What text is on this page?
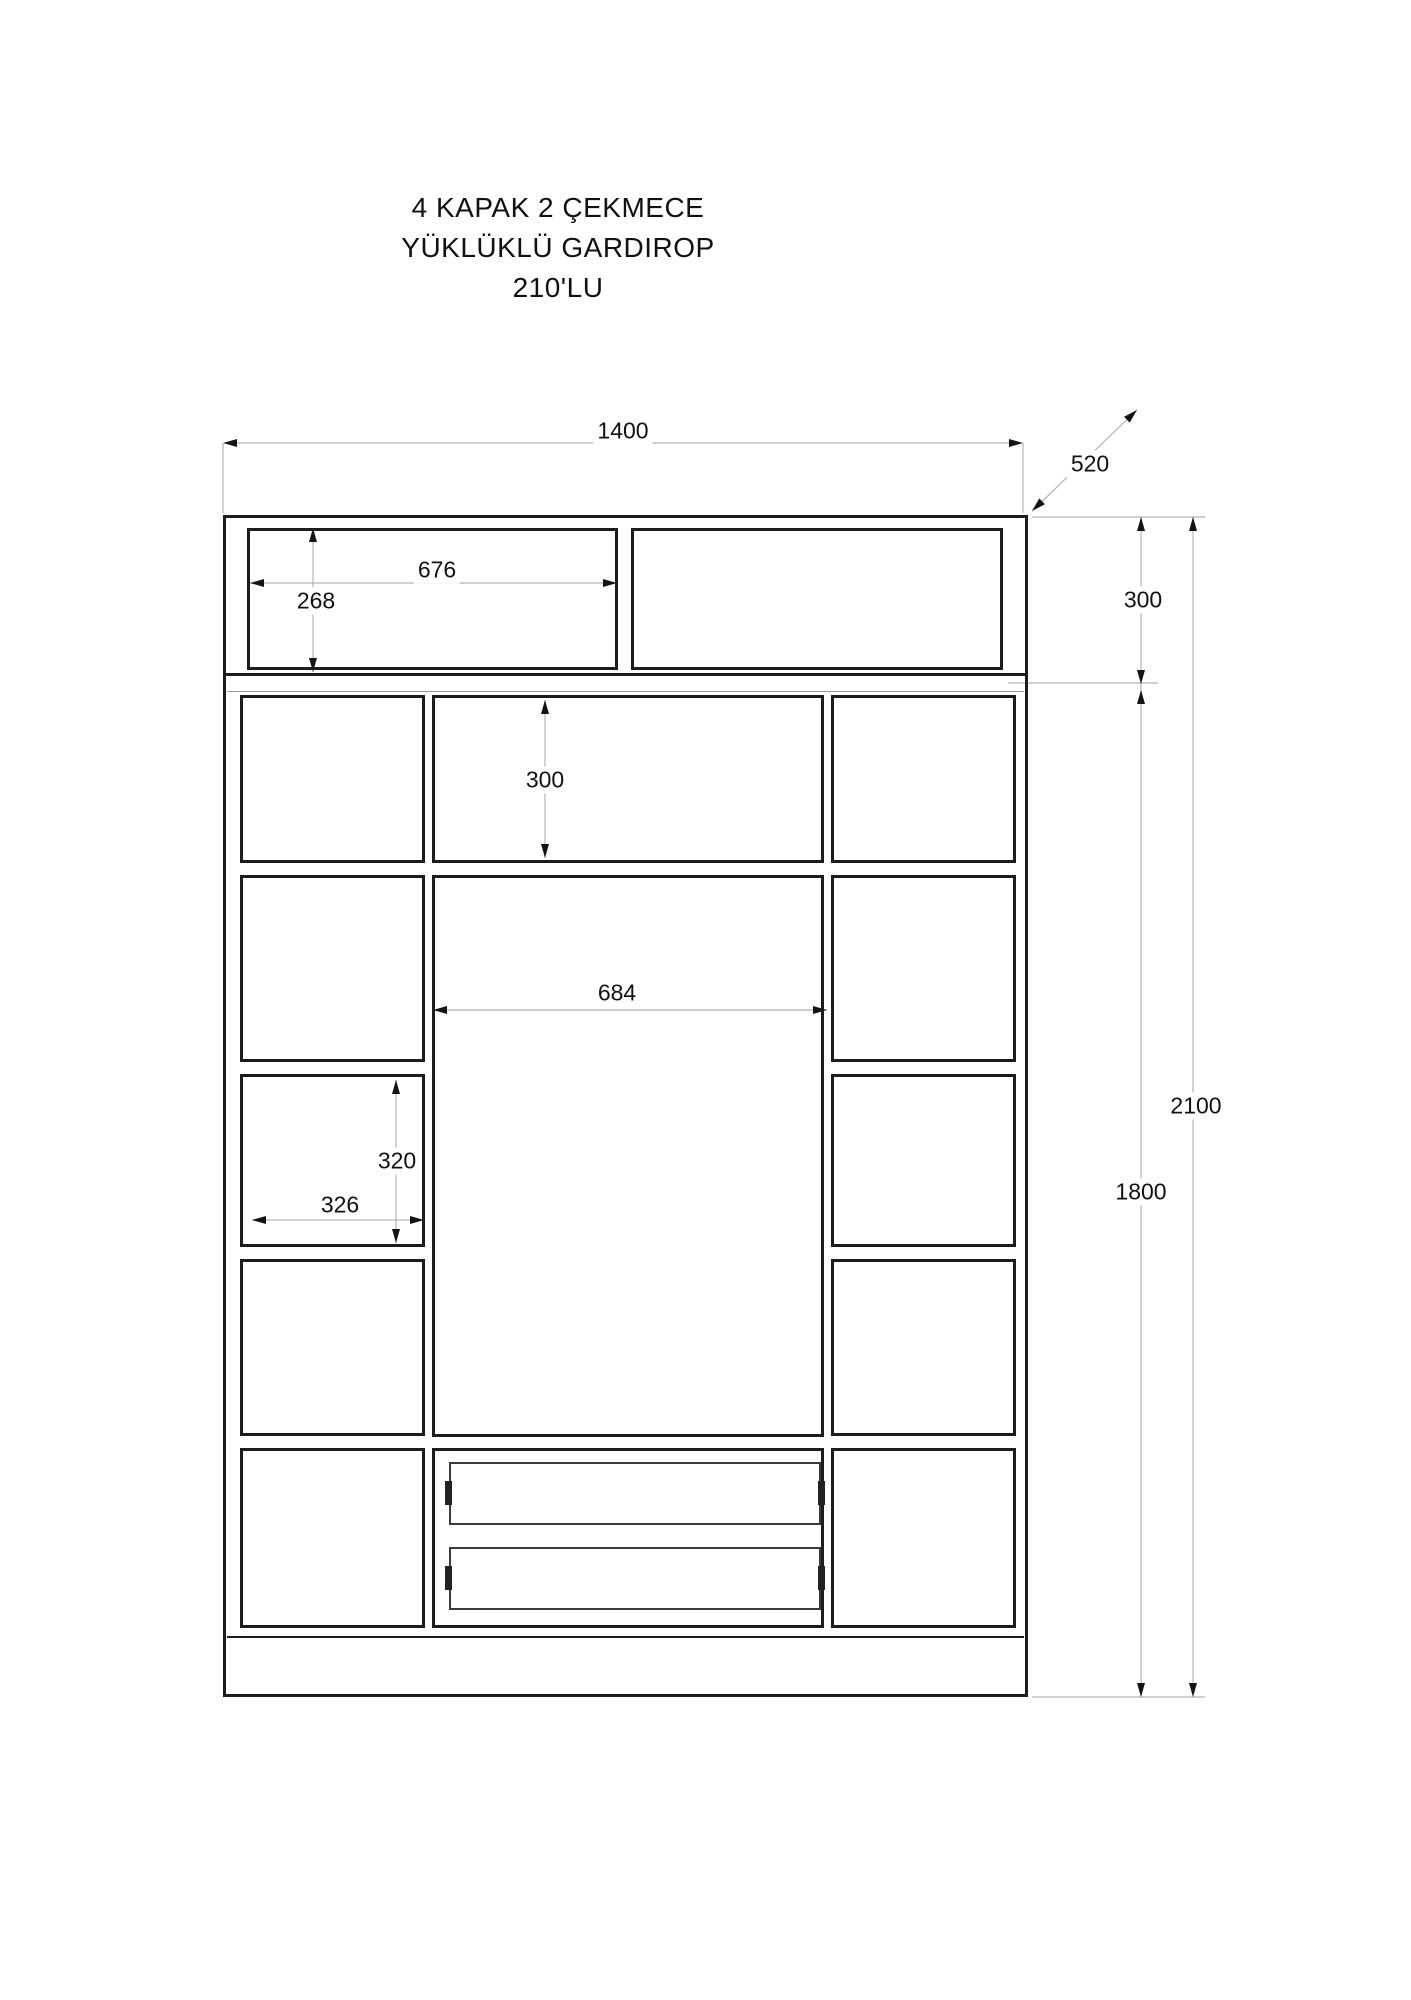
4 KAPAK 2 ÇEKMECE
YÜKLÜKLÜ GARDIROP
210'LU
1400
520
676
268	300
300
684
320
326	1800
2100
